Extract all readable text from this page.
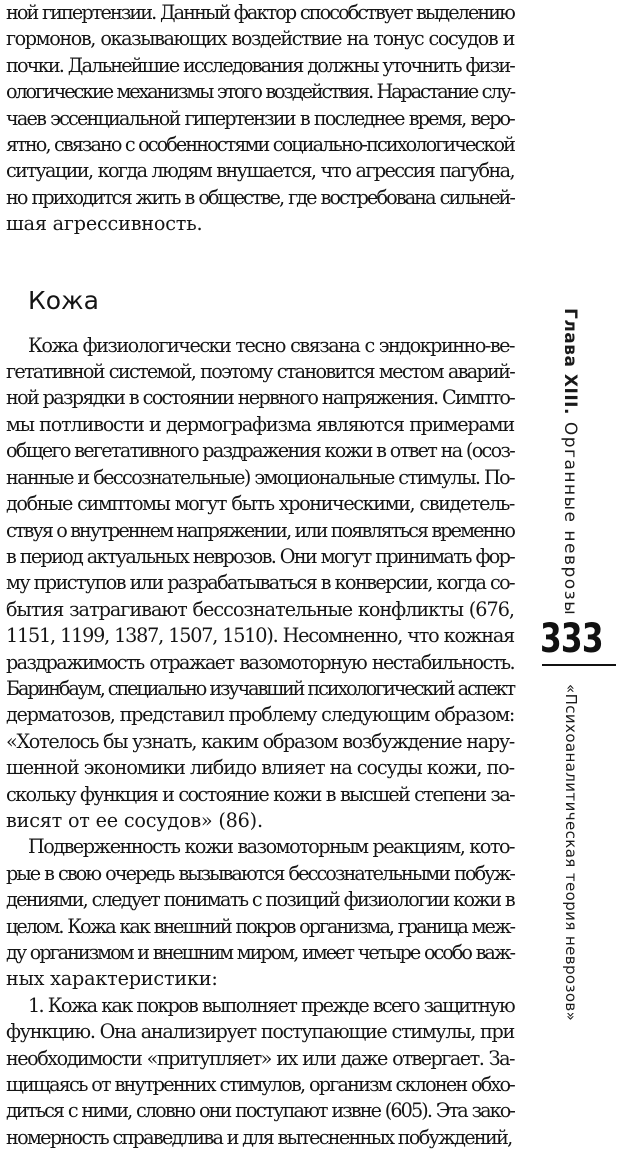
ной гипертензии. Данный фактор способствует выделению
гормонов, оказывающих воздействие на тонус сосудов и
почки. Дальнейшие исследования должны уточнить физи-
ологические механизмы этого воздействия. Нарастание слу-
чаев эссенциальной гипертензии в последнее время, веро-
ятно, связано с особенностями социально-психологической
ситуации, когда людям внушается, что агрессия пагубна,
но приходится жить в обществе, где востребована сильней-
шая агрессивность.
Кожа
Кожа физиологически тесно связана с эндокринно-ве-
гетативной системой, поэтому становится местом аварий-
ной разрядки в состоянии нервного напряжения. Симпто-
мы потливости и дермографизма являются примерами
общего вегетативного раздражения кожи в ответ на (осоз-
нанные и бессознательные) эмоциональные стимулы. По-
добные симптомы могут быть хроническими, свидетель-
ствуя о внутреннем напряжении, или появляться временно
в период актуальных неврозов. Они могут принимать фор-
му приступов или разрабатываться в конверсии, когда со-
бытия затрагивают бессознательные конфликты (676,
1151, 1199, 1387, 1507, 1510). Несомненно, что кожная
раздражимость отражает вазомоторную нестабильность.
Баринбаум, специально изучавший психологический аспект
дерматозов, представил проблему следующим образом:
«Хотелось бы узнать, каким образом возбуждение нару-
шенной экономики либидо влияет на сосуды кожи, по-
скольку функция и состояние кожи в высшей степени за-
висят от ее сосудов» (86).
Подверженность кожи вазомоторным реакциям, кото-
рые в свою очередь вызываются бессознательными побуж-
дениями, следует понимать с позиций физиологии кожи в
целом. Кожа как внешний покров организма, граница меж-
ду организмом и внешним миром, имеет четыре особо важ-
ных характеристики:
1. Кожа как покров выполняет прежде всего защитную
функцию. Она анализирует поступающие стимулы, при
необходимости «притупляет» их или даже отвергает. За-
щищаясь от внутренних стимулов, организм склонен обхо-
диться с ними, словно они поступают извне (605). Эта зако-
номерность справедлива и для вытесненных побуждений,
Глава XIII. Органные неврозы
333
«Психоаналитическая теория неврозов»
